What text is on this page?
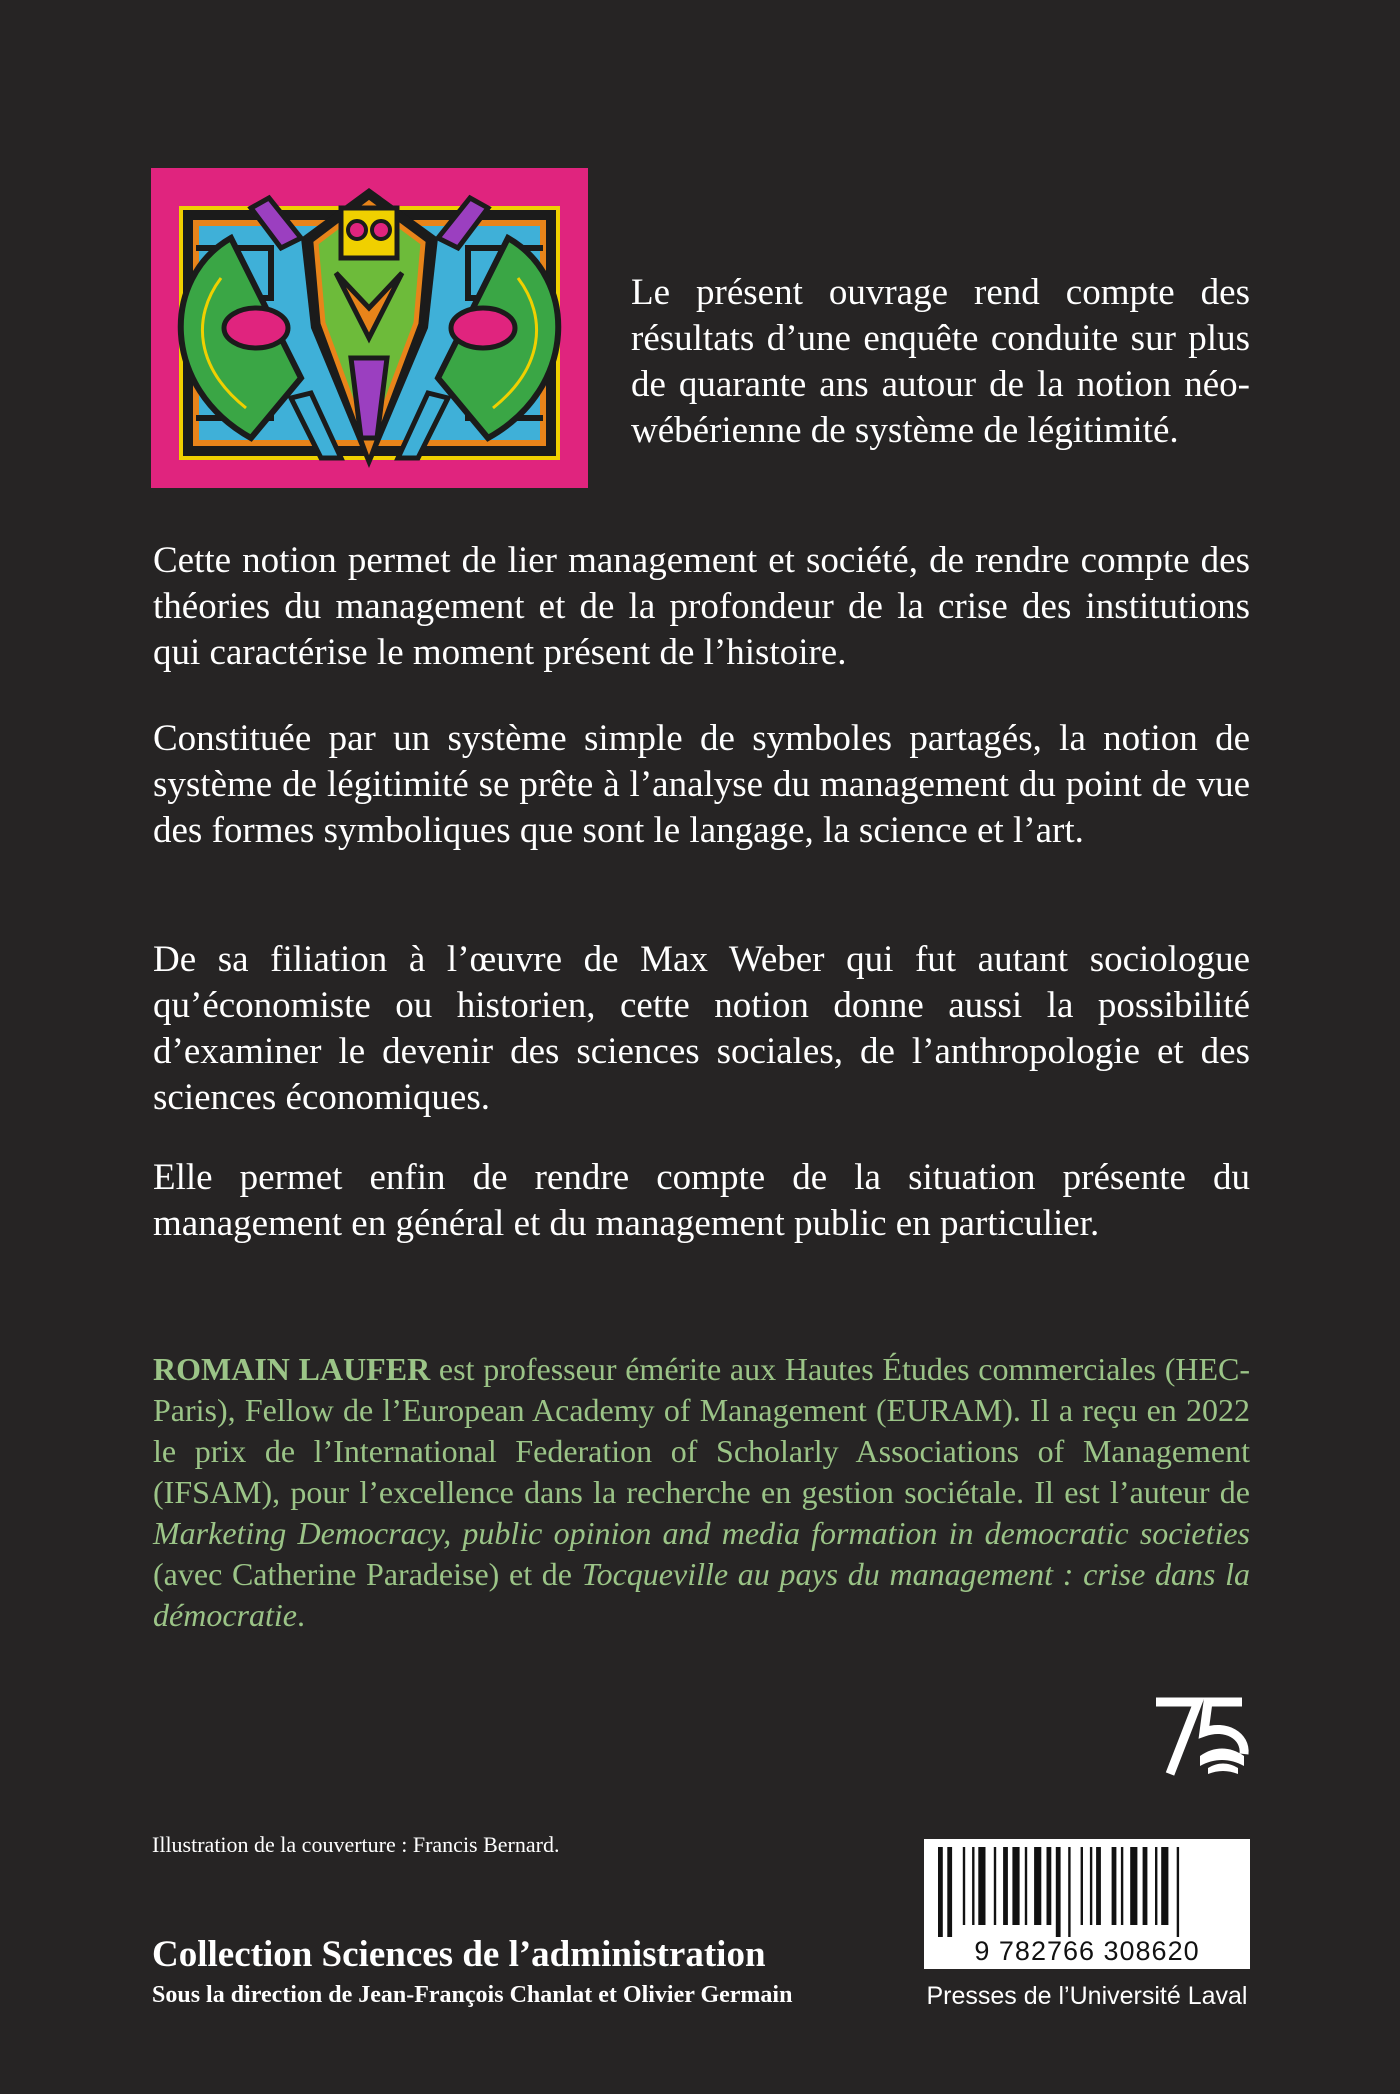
Le présent ouvrage rend compte des résultats d’une enquête conduite sur plus de quarante ans autour de la notion néo-wébérienne de système de légitimité.

Cette notion permet de lier management et société, de rendre compte des théories du management et de la profondeur de la crise des institutions qui caractérise le moment présent de l’histoire.

Constituée par un système simple de symboles partagés, la notion de système de légitimité se prête à l’analyse du management du point de vue des formes symboliques que sont le langage, la science et l’art.

De sa filiation à l’œuvre de Max Weber qui fut autant sociologue qu’économiste ou historien, cette notion donne aussi la possibilité d’examiner le devenir des sciences sociales, de l’anthropologie et des sciences économiques.

Elle permet enfin de rendre compte de la situation présente du management en général et du management public en particulier.

ROMAIN LAUFER est professeur émérite aux Hautes Études commerciales (HEC-Paris), Fellow de l’European Academy of Management (EURAM). Il a reçu en 2022 le prix de l’International Federation of Scholarly Associations of Management (IFSAM), pour l’excellence dans la recherche en gestion sociétale. Il est l’auteur de Marketing Democracy, public opinion and media formation in democratic societies (avec Catherine Paradeise) et de Tocqueville au pays du management : crise dans la démocratie.

Illustration de la couverture : Francis Bernard.
Collection Sciences de l’administration
Sous la direction de Jean-François Chanlat et Olivier Germain
9 782766 308620
Presses de l’Université Laval
